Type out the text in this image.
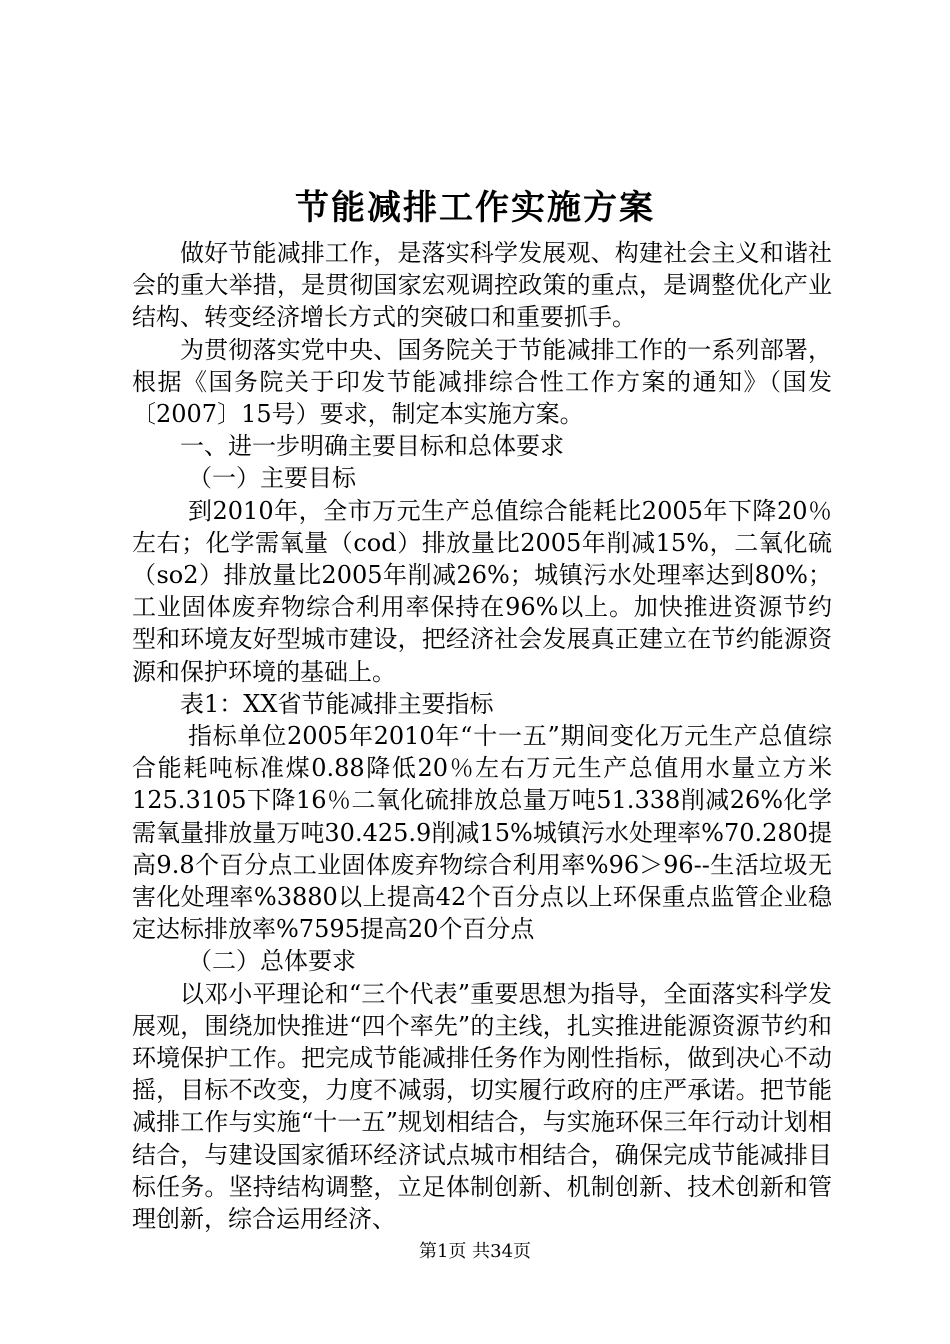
节能减排工作实施方案

做好节能减排工作，是落实科学发展观、构建社会主义和谐社会的重大举措，是贯彻国家宏观调控政策的重点，是调整优化产业结构、转变经济增长方式的突破口和重要抓手。

为贯彻落实党中央、国务院关于节能减排工作的一系列部署，根据《国务院关于印发节能减排综合性工作方案的通知》（国发〔2007〕15号）要求，制定本实施方案。

一、进一步明确主要目标和总体要求

（一）主要目标

到2010年，全市万元生产总值综合能耗比2005年下降20％左右；化学需氧量（cod）排放量比2005年削减15%，二氧化硫（so2）排放量比2005年削减26%；城镇污水处理率达到80%；工业固体废弃物综合利用率保持在96%以上。加快推进资源节约型和环境友好型城市建设，把经济社会发展真正建立在节约能源资源和保护环境的基础上。

表1：XX省节能减排主要指标

指标单位2005年2010年“十一五”期间变化万元生产总值综合能耗吨标准煤0.88降低20％左右万元生产总值用水量立方米125.3105下降16％二氧化硫排放总量万吨51.338削减26%化学需氧量排放量万吨30.425.9削减15%城镇污水处理率%70.280提高9.8个百分点工业固体废弃物综合利用率%96＞96--生活垃圾无害化处理率%3880以上提高42个百分点以上环保重点监管企业稳定达标排放率%7595提高20个百分点

（二）总体要求

以邓小平理论和“三个代表”重要思想为指导，全面落实科学发展观，围绕加快推进“四个率先”的主线，扎实推进能源资源节约和环境保护工作。把完成节能减排任务作为刚性指标，做到决心不动摇，目标不改变，力度不减弱，切实履行政府的庄严承诺。把节能减排工作与实施“十一五”规划相结合，与实施环保三年行动计划相结合，与建设国家循环经济试点城市相结合，确保完成节能减排目标任务。坚持结构调整，立足体制创新、机制创新、技术创新和管理创新，综合运用经济、

第1页 共34页
